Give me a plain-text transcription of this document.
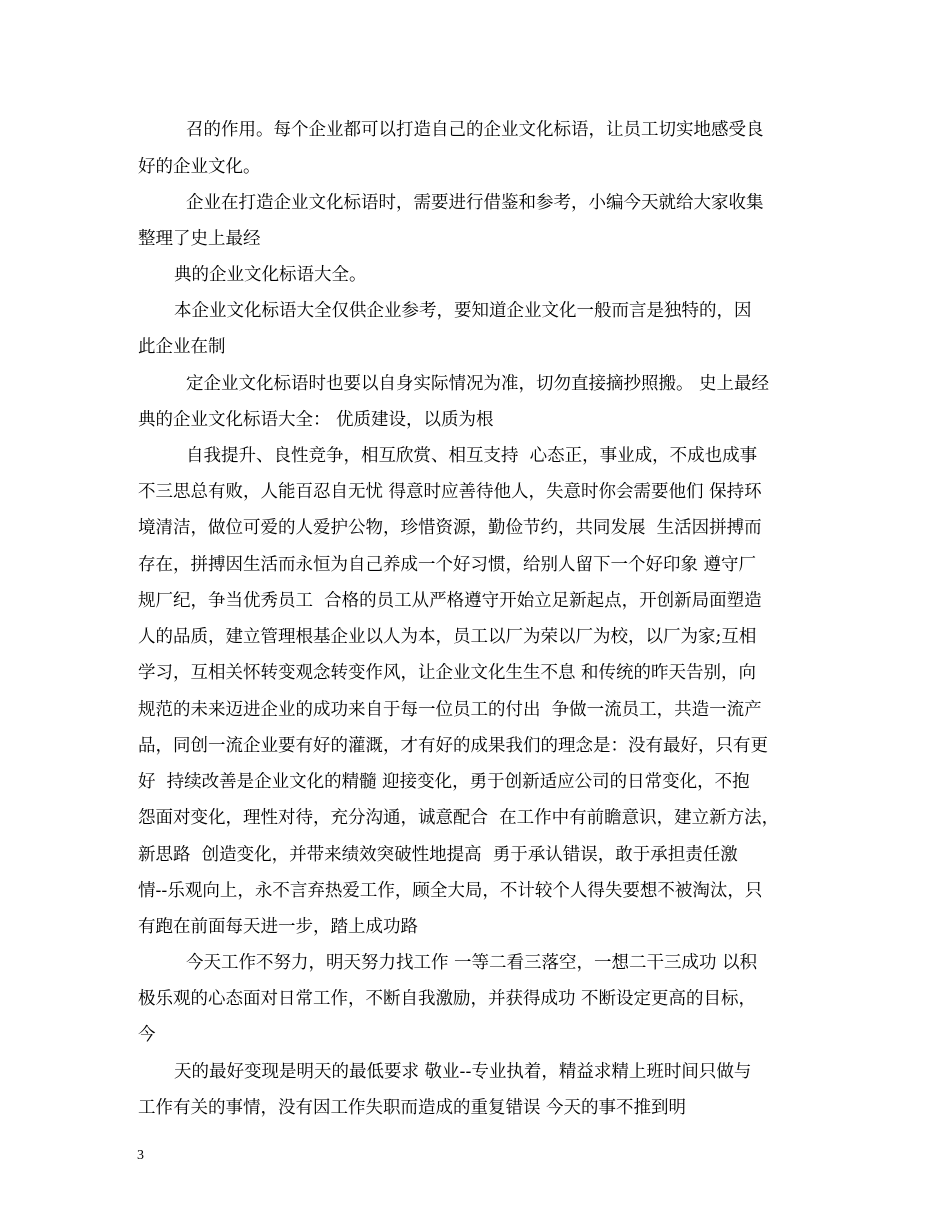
召的作用。每个企业都可以打造自己的企业文化标语，让员工切实地感受良

好的企业文化。

企业在打造企业文化标语时，需要进行借鉴和参考，小编今天就给大家收集

整理了史上最经

典的企业文化标语大全。

本企业文化标语大全仅供企业参考，要知道企业文化一般而言是独特的，因

此企业在制

定企业文化标语时也要以自身实际情况为准，切勿直接摘抄照搬。 史上最经

典的企业文化标语大全： 优质建设，以质为根

自我提升、良性竞争，相互欣赏、相互支持  心态正，事业成，不成也成事

不三思总有败，人能百忍自无忧 得意时应善待他人，失意时你会需要他们 保持环

境清洁，做位可爱的人爱护公物，珍惜资源，勤俭节约，共同发展  生活因拼搏而

存在，拼搏因生活而永恒为自己养成一个好习惯，给别人留下一个好印象 遵守厂

规厂纪，争当优秀员工  合格的员工从严格遵守开始立足新起点，开创新局面塑造

人的品质，建立管理根基企业以人为本，员工以厂为荣以厂为校，以厂为家;互相

学习，互相关怀转变观念转变作风，让企业文化生生不息 和传统的昨天告别，向

规范的未来迈进企业的成功来自于每一位员工的付出  争做一流员工，共造一流产

品，同创一流企业要有好的灌溉，才有好的成果我们的理念是：没有最好，只有更

好  持续改善是企业文化的精髓 迎接变化，勇于创新适应公司的日常变化，不抱

怨面对变化，理性对待，充分沟通，诚意配合  在工作中有前瞻意识，建立新方法，

新思路  创造变化，并带来绩效突破性地提高  勇于承认错误，敢于承担责任激

情--乐观向上，永不言弃热爱工作，顾全大局，不计较个人得失要想不被淘汰，只

有跑在前面每天进一步，踏上成功路

今天工作不努力，明天努力找工作 一等二看三落空，一想二干三成功 以积

极乐观的心态面对日常工作，不断自我激励，并获得成功 不断设定更高的目标，

今

天的最好变现是明天的最低要求 敬业--专业执着，精益求精上班时间只做与

工作有关的事情，没有因工作失职而造成的重复错误 今天的事不推到明

3
